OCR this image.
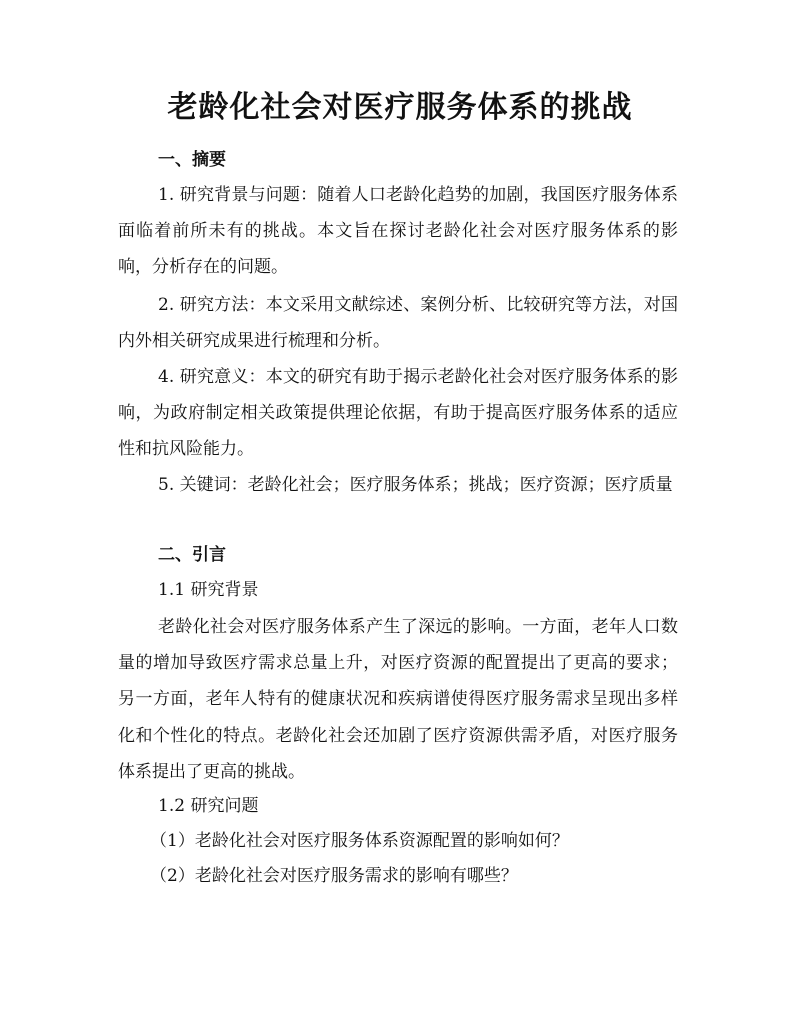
老龄化社会对医疗服务体系的挑战
一、摘要

1. 研究背景与问题：随着人口老龄化趋势的加剧，我国医疗服务体系面临着前所未有的挑战。本文旨在探讨老龄化社会对医疗服务体系的影响，分析存在的问题。

2. 研究方法：本文采用文献综述、案例分析、比较研究等方法，对国内外相关研究成果进行梳理和分析。

4. 研究意义：本文的研究有助于揭示老龄化社会对医疗服务体系的影响，为政府制定相关政策提供理论依据，有助于提高医疗服务体系的适应性和抗风险能力。

5. 关键词：老龄化社会；医疗服务体系；挑战；医疗资源；医疗质量

二、引言

1.1 研究背景

老龄化社会对医疗服务体系产生了深远的影响。一方面，老年人口数量的增加导致医疗需求总量上升，对医疗资源的配置提出了更高的要求；另一方面，老年人特有的健康状况和疾病谱使得医疗服务需求呈现出多样化和个性化的特点。老龄化社会还加剧了医疗资源供需矛盾，对医疗服务体系提出了更高的挑战。

1.2 研究问题

（1）老龄化社会对医疗服务体系资源配置的影响如何？

（2）老龄化社会对医疗服务需求的影响有哪些？
